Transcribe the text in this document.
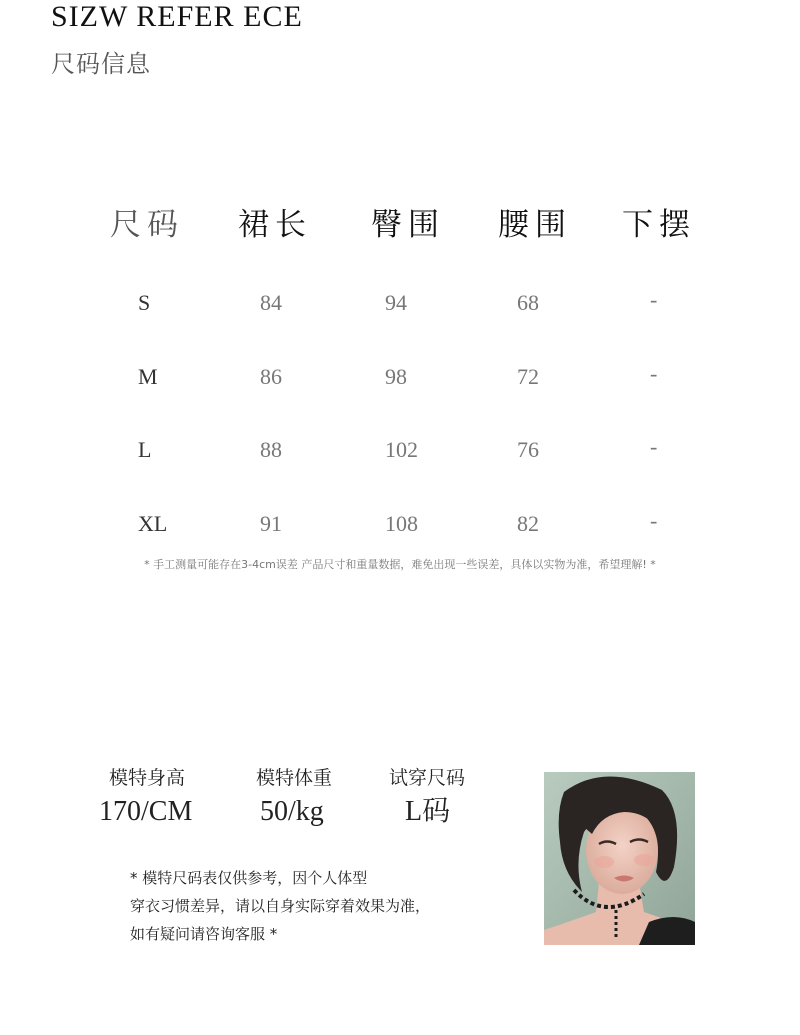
SIZW REFER ECE
尺码信息
尺码 裙长 臀围 腰围 下摆
S	84	94	68	-
M	86	98	72	-
L	88	102	76	-
XL	91	108	82	-
* 手工测量可能存在3-4cm误差 产品尺寸和重量数据，难免出现一些误差，具体以实物为准，希望理解! *
模特身高
170/CM
模特体重
50/kg
试穿尺码
L码
* 模特尺码表仅供参考，因个人体型
穿衣习惯差异，请以自身实际穿着效果为准，
如有疑问请咨询客服 *
